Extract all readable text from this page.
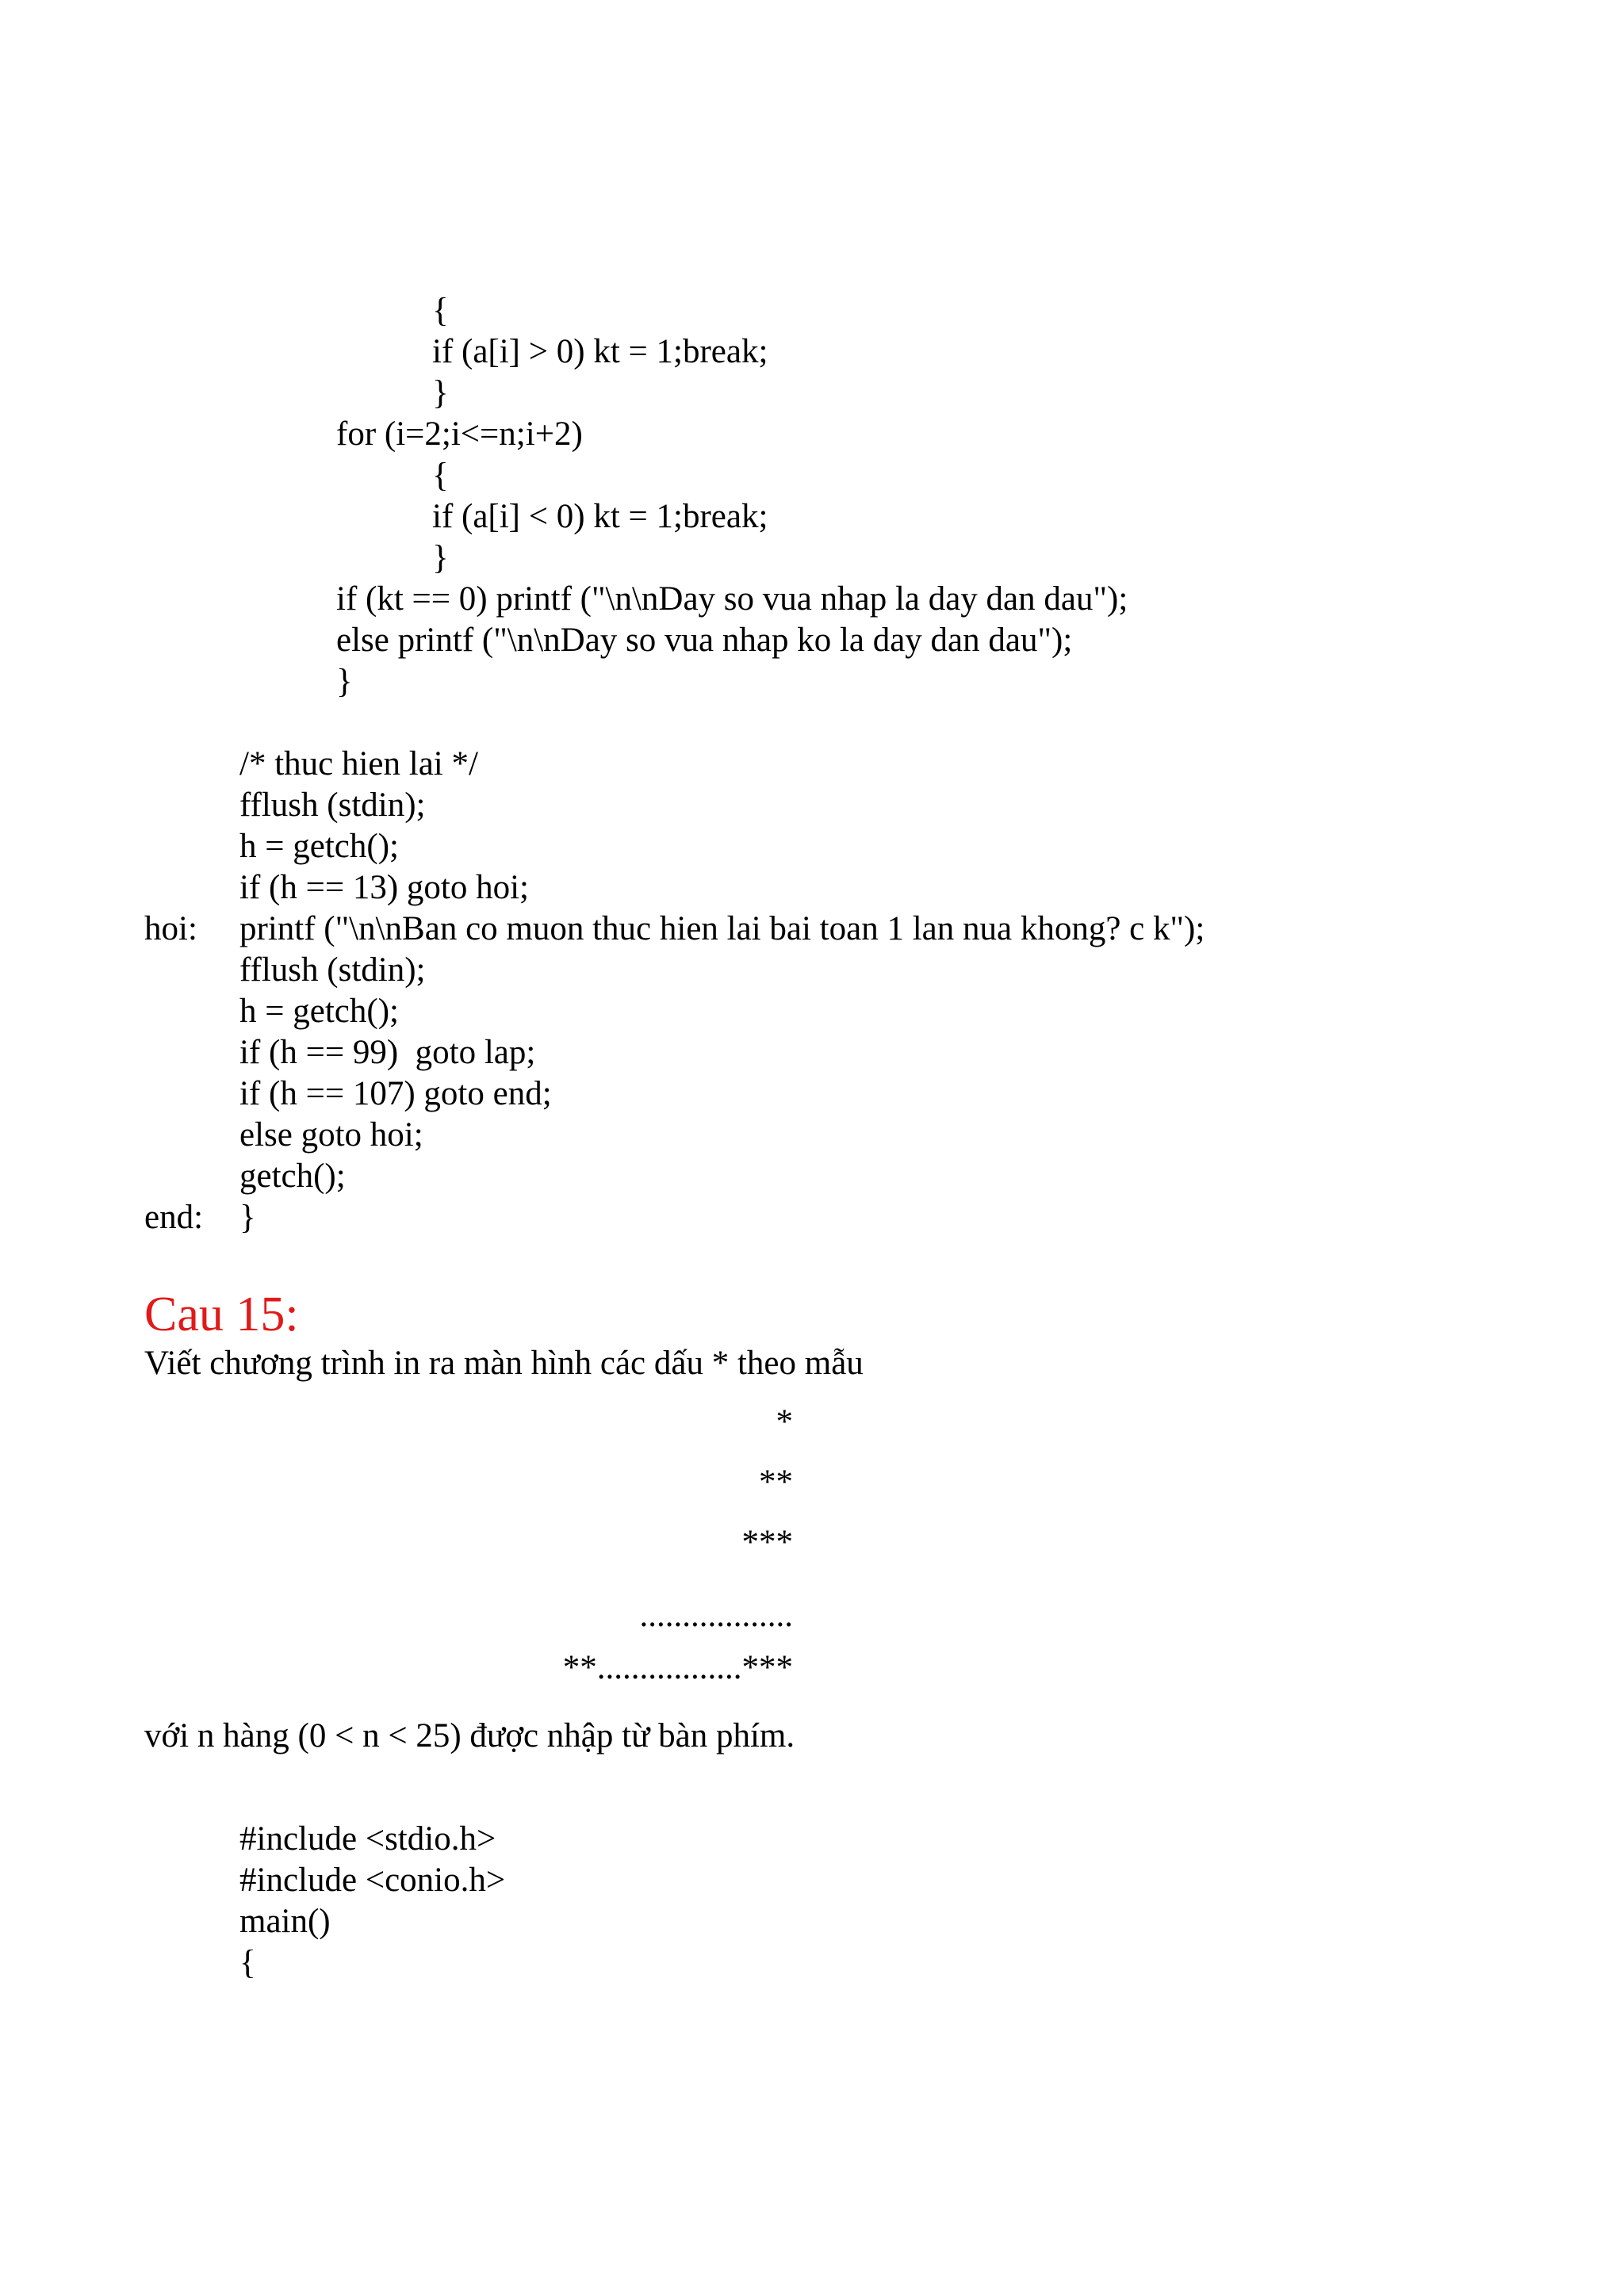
{
if (a[i] > 0) kt = 1;break;
}
for (i=2;i<=n;i+2)
{
if (a[i] < 0) kt = 1;break;
}
if (kt == 0) printf ("\n\nDay so vua nhap la day dan dau");
else printf ("\n\nDay so vua nhap ko la day dan dau");
}
/* thuc hien lai */
fflush (stdin);
h = getch();
if (h == 13) goto hoi;
hoi: printf ("\n\nBan co muon thuc hien lai bai toan 1 lan nua khong? c k");
fflush (stdin);
h = getch();
if (h == 99)  goto lap;
if (h == 107) goto end;
else goto hoi;
getch();
end: }
Cau 15:
Viết chương trình in ra màn hình các dấu * theo mẫu
*
**
***
..................
**.................***
với n hàng (0 < n < 25) được nhập từ bàn phím.
#include <stdio.h>
#include <conio.h>
main()
{
